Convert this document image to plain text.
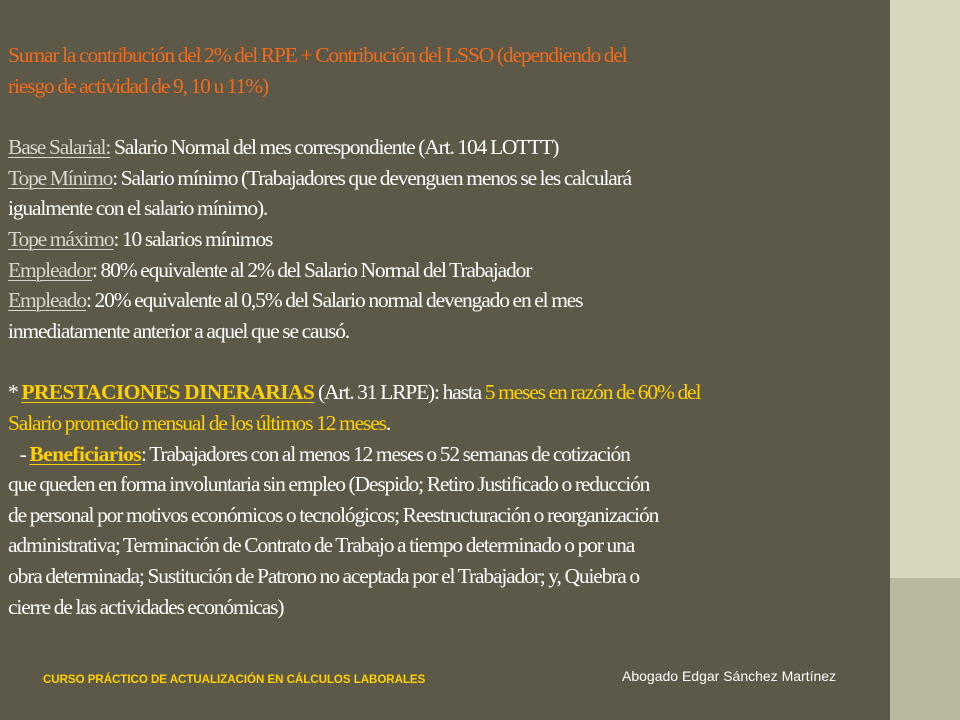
Sumar la contribución del 2% del RPE + Contribución del LSSO (dependiendo del

riesgo de actividad de 9, 10 u 11%)

Base Salarial: Salario Normal del mes correspondiente (Art. 104 LOTTT)

Tope Mínimo: Salario mínimo (Trabajadores que devenguen menos se les calculará

igualmente con el salario mínimo).

Tope máximo: 10 salarios mínimos

Empleador: 80% equivalente al 2% del Salario Normal del Trabajador

Empleado: 20% equivalente al 0,5% del Salario normal devengado en el mes

inmediatamente anterior a aquel que se causó.

* PRESTACIONES DINERARIAS (Art. 31 LRPE): hasta 5 meses en razón de 60% del

Salario promedio mensual de los últimos 12 meses.

- Beneficiarios: Trabajadores con al menos 12 meses o 52 semanas de cotización

que queden en forma involuntaria sin empleo (Despido; Retiro Justificado o reducción

de personal por motivos económicos o tecnológicos; Reestructuración o reorganización

administrativa; Terminación de Contrato de Trabajo a tiempo determinado o por una

obra determinada; Sustitución de Patrono no aceptada por el Trabajador; y, Quiebra o

cierre de las actividades económicas)

CURSO PRÁCTICO DE ACTUALIZACIÓN EN CÁLCULOS LABORALES	Abogado Edgar Sánchez Martínez
